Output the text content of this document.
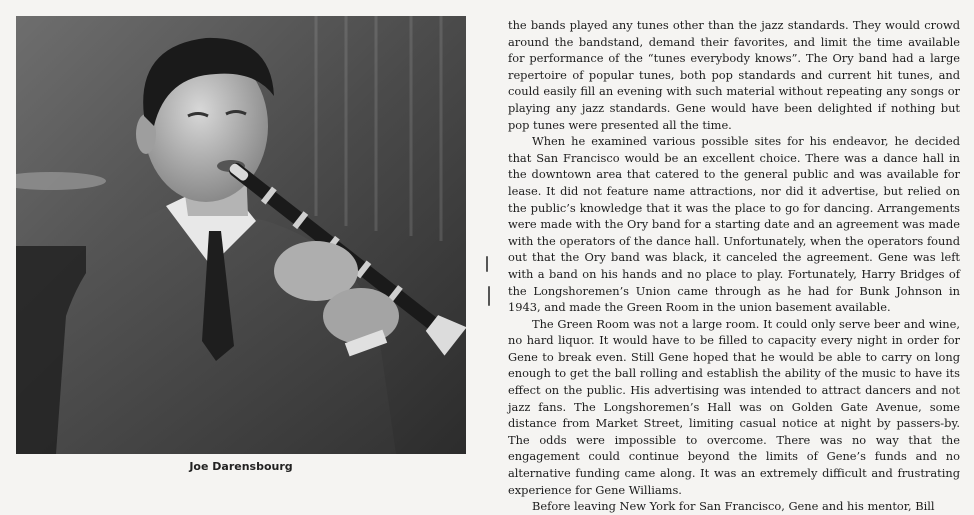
Joe Darensbourg

the bands played any tunes other than the jazz standards. They would crowd around the bandstand, demand their favorites, and limit the time available for performance of the “tunes everybody knows”. The Ory band had a large repertoire of popular tunes, both pop standards and current hit tunes, and could easily fill an evening with such material without repeating any songs or playing any jazz standards. Gene would have been delighted if nothing but pop tunes were presented all the time.

When he examined various possible sites for his endeavor, he decided that San Francisco would be an excellent choice. There was a dance hall in the downtown area that catered to the general public and was available for lease. It did not feature name attractions, nor did it advertise, but relied on the public’s knowledge that it was the place to go for dancing. Arrangements were made with the Ory band for a starting date and an agreement was made with the operators of the dance hall. Unfortunately, when the operators found out that the Ory band was black, it canceled the agreement. Gene was left with a band on his hands and no place to play. Fortunately, Harry Bridges of the Longshoremen’s Union came through as he had for Bunk Johnson in 1943, and made the Green Room in the union basement available.

The Green Room was not a large room. It could only serve beer and wine, no hard liquor. It would have to be filled to capacity every night in order for Gene to break even. Still Gene hoped that he would be able to carry on long enough to get the ball rolling and establish the ability of the music to have its effect on the public. His advertising was intended to attract dancers and not jazz fans. The Longshoremen’s Hall was on Golden Gate Avenue, some distance from Market Street, limiting casual notice at night by passers-by. The odds were impossible to overcome. There was no way that the engagement could continue beyond the limits of Gene’s funds and no alternative funding came along. It was an extremely difficult and frustrating experience for Gene Williams.

Before leaving New York for San Francisco, Gene and his mentor, Bill
